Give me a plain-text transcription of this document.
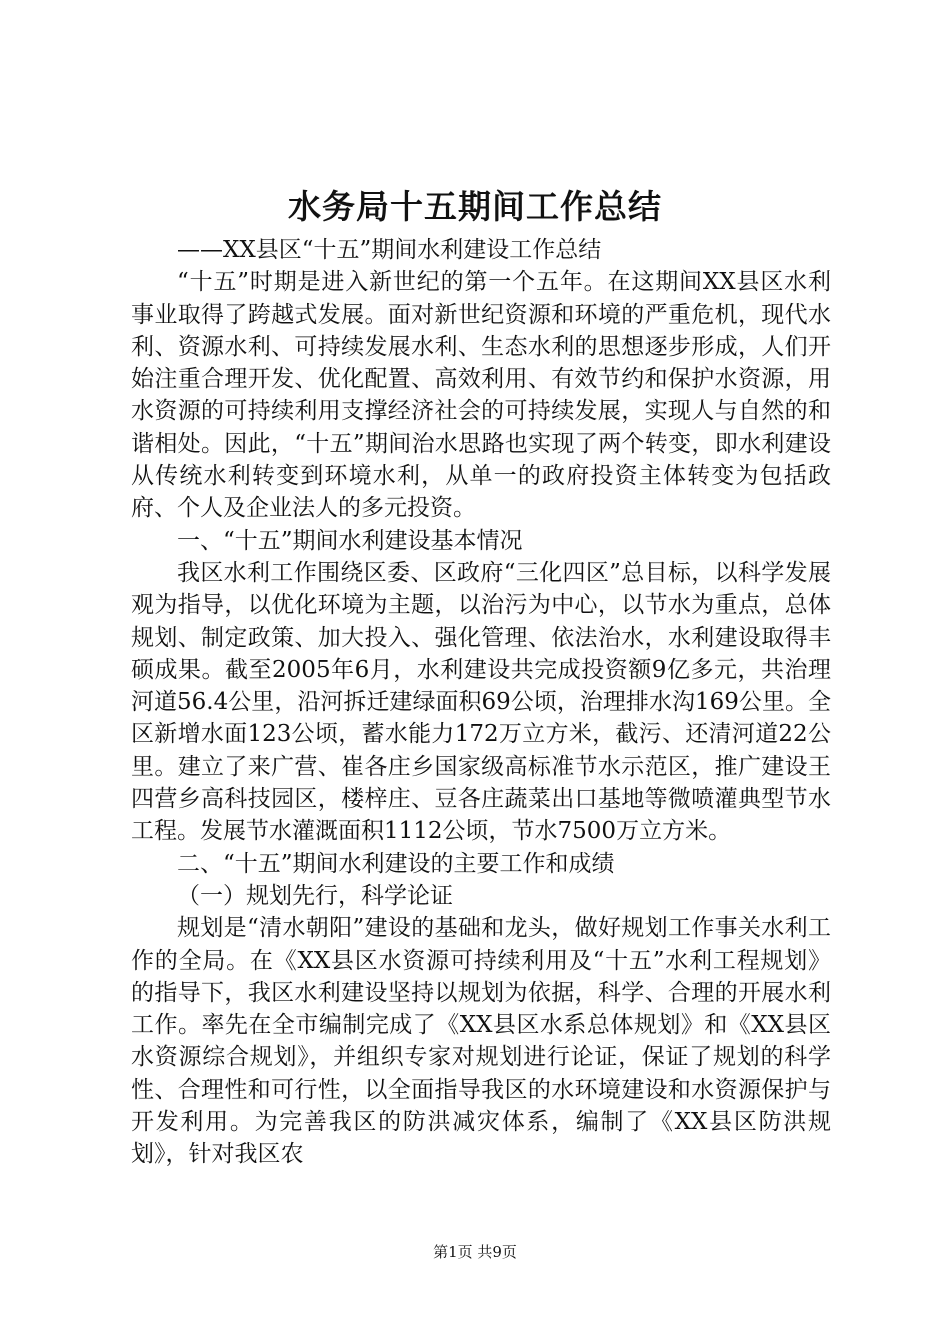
水务局十五期间工作总结

——XX县区“十五”期间水利建设工作总结

“十五”时期是进入新世纪的第一个五年。在这期间XX县区水利事业取得了跨越式发展。面对新世纪资源和环境的严重危机，现代水利、资源水利、可持续发展水利、生态水利的思想逐步形成，人们开始注重合理开发、优化配置、高效利用、有效节约和保护水资源，用水资源的可持续利用支撑经济社会的可持续发展，实现人与自然的和谐相处。因此，“十五”期间治水思路也实现了两个转变，即水利建设从传统水利转变到环境水利，从单一的政府投资主体转变为包括政府、个人及企业法人的多元投资。

一、“十五”期间水利建设基本情况

我区水利工作围绕区委、区政府“三化四区”总目标，以科学发展观为指导，以优化环境为主题，以治污为中心，以节水为重点，总体规划、制定政策、加大投入、强化管理、依法治水，水利建设取得丰硕成果。截至2005年6月，水利建设共完成投资额9亿多元，共治理河道56.4公里，沿河拆迁建绿面积69公顷，治理排水沟169公里。全区新增水面123公顷，蓄水能力172万立方米，截污、还清河道22公里。建立了来广营、崔各庄乡国家级高标准节水示范区，推广建设王四营乡高科技园区，楼梓庄、豆各庄蔬菜出口基地等微喷灌典型节水工程。发展节水灌溉面积1112公顷，节水7500万立方米。

二、“十五”期间水利建设的主要工作和成绩

（一）规划先行，科学论证

规划是“清水朝阳”建设的基础和龙头，做好规划工作事关水利工作的全局。在《XX县区水资源可持续利用及“十五”水利工程规划》的指导下，我区水利建设坚持以规划为依据，科学、合理的开展水利工作。率先在全市编制完成了《XX县区水系总体规划》和《XX县区水资源综合规划》，并组织专家对规划进行论证，保证了规划的科学性、合理性和可行性，以全面指导我区的水环境建设和水资源保护与开发利用。为完善我区的防洪减灾体系，编制了《XX县区防洪规划》，针对我区农

第1页 共9页
